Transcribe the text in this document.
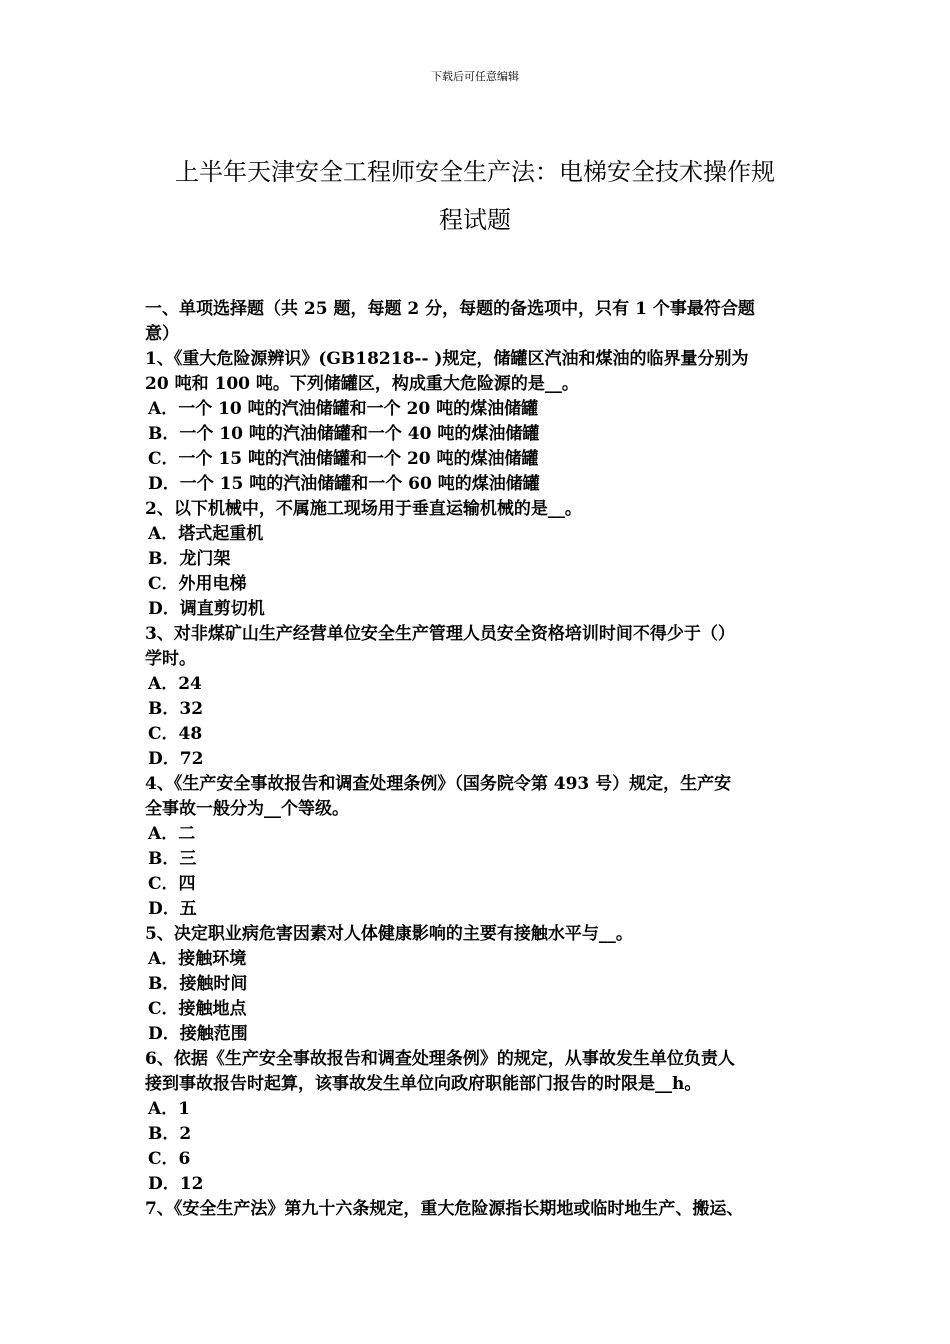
下载后可任意编辑
上半年天津安全工程师安全生产法：电梯安全技术操作规
程试题
一、单项选择题（共 25 题，每题 2 分，每题的备选项中，只有 1 个事最符合题
意）
1、《重大危险源辨识》(GB18218-- )规定，储罐区汽油和煤油的临界量分别为
20 吨和 100 吨。下列储罐区，构成重大危险源的是__。
A．一个 10 吨的汽油储罐和一个 20 吨的煤油储罐
B．一个 10 吨的汽油储罐和一个 40 吨的煤油储罐
C．一个 15 吨的汽油储罐和一个 20 吨的煤油储罐
D．一个 15 吨的汽油储罐和一个 60 吨的煤油储罐
2、以下机械中，不属施工现场用于垂直运输机械的是__。
A．塔式起重机
B．龙门架
C．外用电梯
D．调直剪切机
3、对非煤矿山生产经营单位安全生产管理人员安全资格培训时间不得少于（）
学时。
A．24
B．32
C．48
D．72
4、《生产安全事故报告和调查处理条例》（国务院令第 493 号）规定，生产安
全事故一般分为__个等级。
A．二
B．三
C．四
D．五
5、决定职业病危害因素对人体健康影响的主要有接触水平与__。
A．接触环境
B．接触时间
C．接触地点
D．接触范围
6、依据《生产安全事故报告和调查处理条例》的规定，从事故发生单位负责人
接到事故报告时起算，该事故发生单位向政府职能部门报告的时限是__h。
A．1
B．2
C．6
D．12
7、《安全生产法》第九十六条规定，重大危险源指长期地或临时地生产、搬运、
